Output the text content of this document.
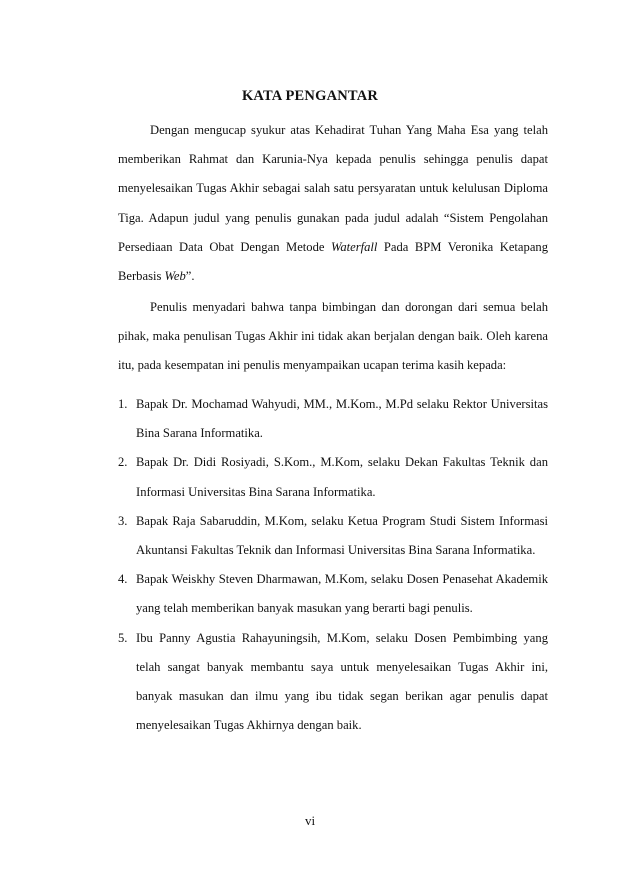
KATA PENGANTAR

Dengan mengucap syukur atas Kehadirat Tuhan Yang Maha Esa yang telah memberikan Rahmat dan Karunia-Nya kepada penulis sehingga penulis dapat menyelesaikan Tugas Akhir sebagai salah satu persyaratan untuk kelulusan Diploma Tiga. Adapun judul yang penulis gunakan pada judul adalah “Sistem Pengolahan Persediaan Data Obat Dengan Metode Waterfall Pada BPM Veronika Ketapang Berbasis Web”.

Penulis menyadari bahwa tanpa bimbingan dan dorongan dari semua belah pihak, maka penulisan Tugas Akhir ini tidak akan berjalan dengan baik. Oleh karena itu, pada kesempatan ini penulis menyampaikan ucapan terima kasih kepada:

1. Bapak Dr. Mochamad Wahyudi, MM., M.Kom., M.Pd selaku Rektor Universitas Bina Sarana Informatika.
2. Bapak Dr. Didi Rosiyadi, S.Kom., M.Kom, selaku Dekan Fakultas Teknik dan Informasi Universitas Bina Sarana Informatika.
3. Bapak Raja Sabaruddin, M.Kom, selaku Ketua Program Studi Sistem Informasi Akuntansi Fakultas Teknik dan Informasi Universitas Bina Sarana Informatika.
4. Bapak Weiskhy Steven Dharmawan, M.Kom, selaku Dosen Penasehat Akademik yang telah memberikan banyak masukan yang berarti bagi penulis.
5. Ibu Panny Agustia Rahayuningsih, M.Kom, selaku Dosen Pembimbing yang telah sangat banyak membantu saya untuk menyelesaikan Tugas Akhir ini, banyak masukan dan ilmu yang ibu tidak segan berikan agar penulis dapat menyelesaikan Tugas Akhirnya dengan baik.
vi
